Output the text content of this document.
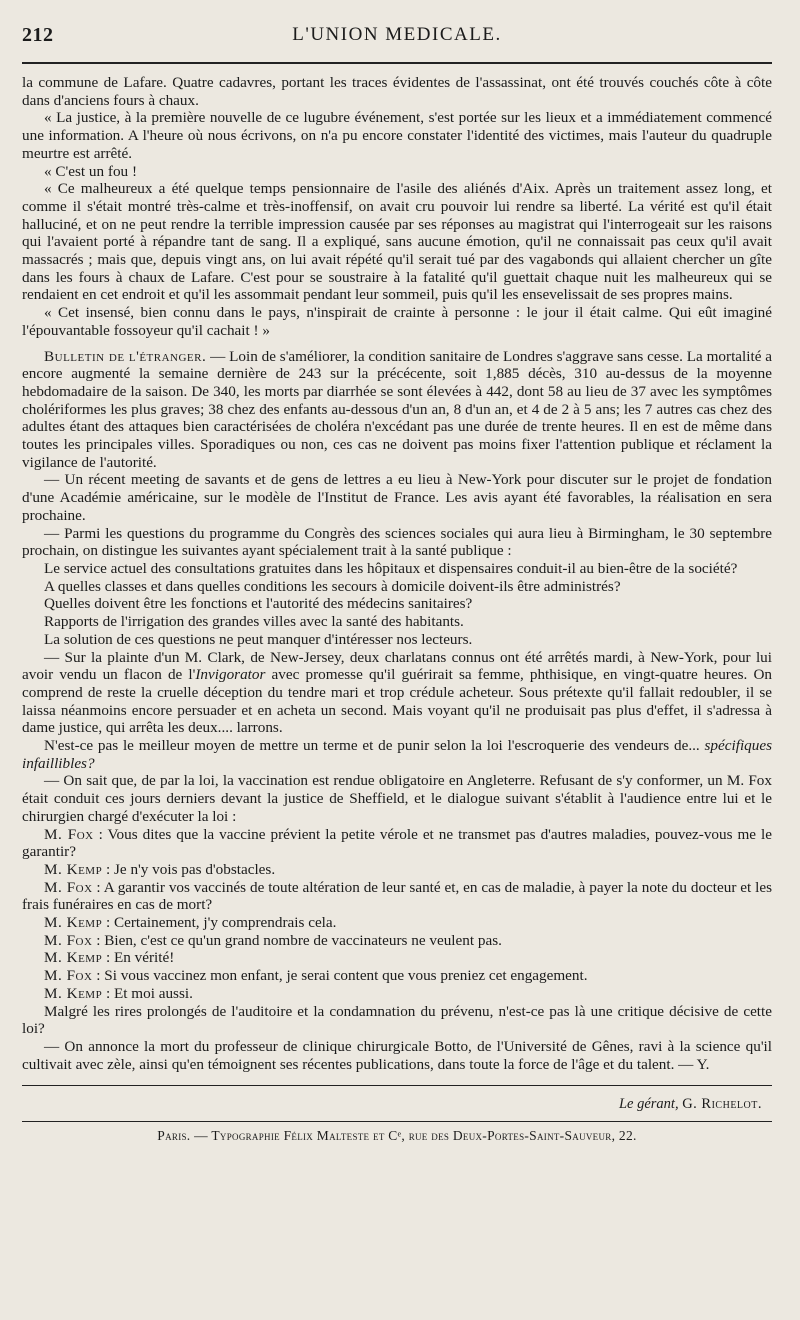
212	L'UNION MEDICALE.

la commune de Lafare. Quatre cadavres, portant les traces évidentes de l'assassinat, ont été trouvés couchés côte à côte dans d'anciens fours à chaux.

« La justice, à la première nouvelle de ce lugubre événement, s'est portée sur les lieux et a immédiatement commencé une information. A l'heure où nous écrivons, on n'a pu encore constater l'identité des victimes, mais l'auteur du quadruple meurtre est arrêté.

« C'est un fou !

« Ce malheureux a été quelque temps pensionnaire de l'asile des aliénés d'Aix. Après un traitement assez long, et comme il s'était montré très-calme et très-inoffensif, on avait cru pouvoir lui rendre sa liberté. La vérité est qu'il était halluciné, et on ne peut rendre la terrible impression causée par ses réponses au magistrat qui l'interrogeait sur les raisons qui l'avaient porté à répandre tant de sang. Il a expliqué, sans aucune émotion, qu'il ne connaissait pas ceux qu'il avait massacrés ; mais que, depuis vingt ans, on lui avait répété qu'il serait tué par des vagabonds qui allaient chercher un gîte dans les fours à chaux de Lafare. C'est pour se soustraire à la fatalité qu'il guettait chaque nuit les malheureux qui se rendaient en cet endroit et qu'il les assommait pendant leur sommeil, puis qu'il les ensevelissait de ses propres mains.

« Cet insensé, bien connu dans le pays, n'inspirait de crainte à personne : le jour il était calme. Qui eût imaginé l'épouvantable fossoyeur qu'il cachait ! »

Bulletin de l'étranger. — Loin de s'améliorer, la condition sanitaire de Londres s'aggrave sans cesse. La mortalité a encore augmenté la semaine dernière de 243 sur la précécente, soit 1,885 décès, 310 au-dessus de la moyenne hebdomadaire de la saison. De 340, les morts par diarrhée se sont élevées à 442, dont 58 au lieu de 37 avec les symptômes cholériformes les plus graves; 38 chez des enfants au-dessous d'un an, 8 d'un an, et 4 de 2 à 5 ans; les 7 autres cas chez des adultes étant des attaques bien caractérisées de choléra n'excédant pas une durée de trente heures. Il en est de même dans toutes les principales villes. Sporadiques ou non, ces cas ne doivent pas moins fixer l'attention publique et réclament la vigilance de l'autorité.

— Un récent meeting de savants et de gens de lettres a eu lieu à New-York pour discuter sur le projet de fondation d'une Académie américaine, sur le modèle de l'Institut de France. Les avis ayant été favorables, la réalisation en sera prochaine.

— Parmi les questions du programme du Congrès des sciences sociales qui aura lieu à Birmingham, le 30 septembre prochain, on distingue les suivantes ayant spécialement trait à la santé publique :

Le service actuel des consultations gratuites dans les hôpitaux et dispensaires conduit-il au bien-être de la société?

A quelles classes et dans quelles conditions les secours à domicile doivent-ils être administrés?

Quelles doivent être les fonctions et l'autorité des médecins sanitaires?

Rapports de l'irrigation des grandes villes avec la santé des habitants.

La solution de ces questions ne peut manquer d'intéresser nos lecteurs.

— Sur la plainte d'un M. Clark, de New-Jersey, deux charlatans connus ont été arrêtés mardi, à New-York, pour lui avoir vendu un flacon de l'Invigorator avec promesse qu'il guérirait sa femme, phthisique, en vingt-quatre heures. On comprend de reste la cruelle déception du tendre mari et trop crédule acheteur. Sous prétexte qu'il fallait redoubler, il se laissa néanmoins encore persuader et en acheta un second. Mais voyant qu'il ne produisait pas plus d'effet, il s'adressa à dame justice, qui arrêta les deux.... larrons.

N'est-ce pas le meilleur moyen de mettre un terme et de punir selon la loi l'escroquerie des vendeurs de... spécifiques infaillibles?

— On sait que, de par la loi, la vaccination est rendue obligatoire en Angleterre. Refusant de s'y conformer, un M. Fox était conduit ces jours derniers devant la justice de Sheffield, et le dialogue suivant s'établit à l'audience entre lui et le chirurgien chargé d'exécuter la loi :

M. Fox : Vous dites que la vaccine prévient la petite vérole et ne transmet pas d'autres maladies, pouvez-vous me le garantir?

M. Kemp : Je n'y vois pas d'obstacles.

M. Fox : A garantir vos vaccinés de toute altération de leur santé et, en cas de maladie, à payer la note du docteur et les frais funéraires en cas de mort?

M. Kemp : Certainement, j'y comprendrais cela.

M. Fox : Bien, c'est ce qu'un grand nombre de vaccinateurs ne veulent pas.

M. Kemp : En vérité!

M. Fox : Si vous vaccinez mon enfant, je serai content que vous preniez cet engagement.

M. Kemp : Et moi aussi.

Malgré les rires prolongés de l'auditoire et la condamnation du prévenu, n'est-ce pas là une critique décisive de cette loi?

— On annonce la mort du professeur de clinique chirurgicale Botto, de l'Université de Gênes, ravi à la science qu'il cultivait avec zèle, ainsi qu'en témoignent ses récentes publications, dans toute la force de l'âge et du talent. — Y.

Le gérant, G. Richelot.
Paris. — Typographie Félix Malteste et Cᵉ, rue des Deux-Portes-Saint-Sauveur, 22.
